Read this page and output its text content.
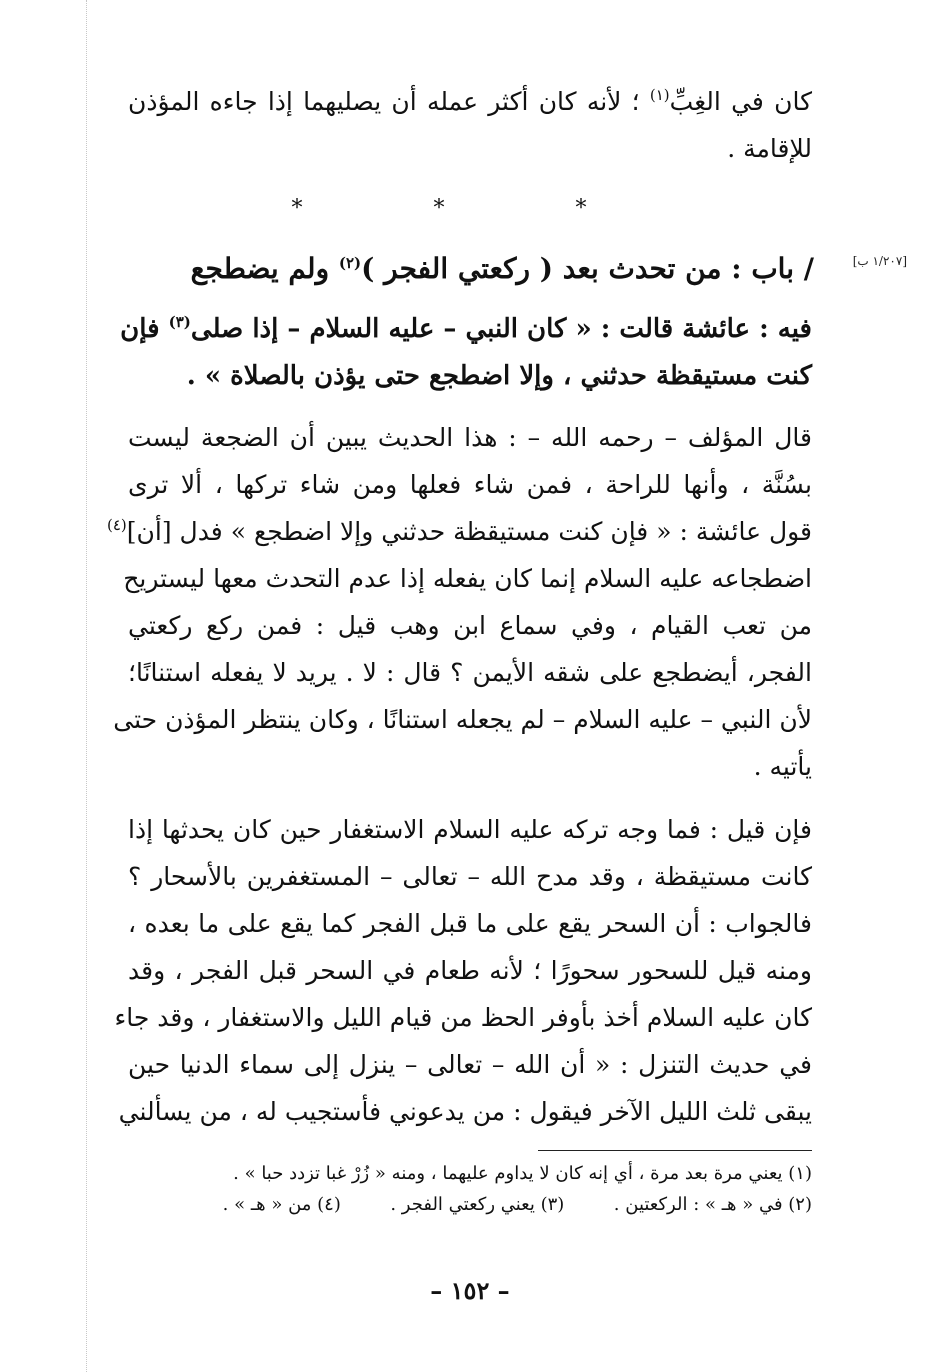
كان في الغِبِّ$^{(١)}$ ؛ لأنه كان أكثر عمله أن يصليهما إذا جاءه المؤذن
للإقامة .
* * *
[١/٢٠٧ ب]
/ باب : من تحدث بعد ( ركعتي الفجر )$^{(٢)}$ ولم يضطجع
فيه : عائشة قالت : « كان النبي – عليه السلام – إذا صلى$^{(٣)}$ فإن
كنت مستيقظة حدثني ، وإلا اضطجع حتى يؤذن بالصلاة » .
قال المؤلف – رحمه الله – : هذا الحديث يبين أن الضجعة ليست
بسُنَّة ، وأنها للراحة ، فمن شاء فعلها ومن شاء تركها ، ألا ترى
قول عائشة : « فإن كنت مستيقظة حدثني وإلا اضطجع » فدل [أن]$^{(٤)}$
اضطجاعه عليه السلام إنما كان يفعله إذا عدم التحدث معها ليستريح
من تعب القيام ، وفي سماع ابن وهب قيل : فمن ركع ركعتي
الفجر، أيضطجع على شقه الأيمن ؟ قال : لا . يريد لا يفعله استنانًا؛
لأن النبي – عليه السلام – لم يجعله استنانًا ، وكان ينتظر المؤذن حتى
يأتيه .
فإن قيل : فما وجه تركه عليه السلام الاستغفار حين كان يحدثها إذا
كانت مستيقظة ، وقد مدح الله – تعالى – المستغفرين بالأسحار ؟
فالجواب : أن السحر يقع على ما قبل الفجر كما يقع على ما بعده ،
ومنه قيل للسحور سحورًا ؛ لأنه طعام في السحر قبل الفجر ، وقد
كان عليه السلام أخذ بأوفر الحظ من قيام الليل والاستغفار ، وقد جاء
في حديث التنزل : « أن الله – تعالى – ينزل إلى سماء الدنيا حين
يبقى ثلث الليل الآخر فيقول : من يدعوني فأستجيب له ، من يسألني
(١) يعني مرة بعد مرة ، أي إنه كان لا يداوم عليهما ، ومنه « زُرْ غبا تزدد حبا » .
(٢) في « هـ » : الركعتين .  (٣) يعني ركعتي الفجر .  (٤) من « هـ » .
– ١٥٢ –
